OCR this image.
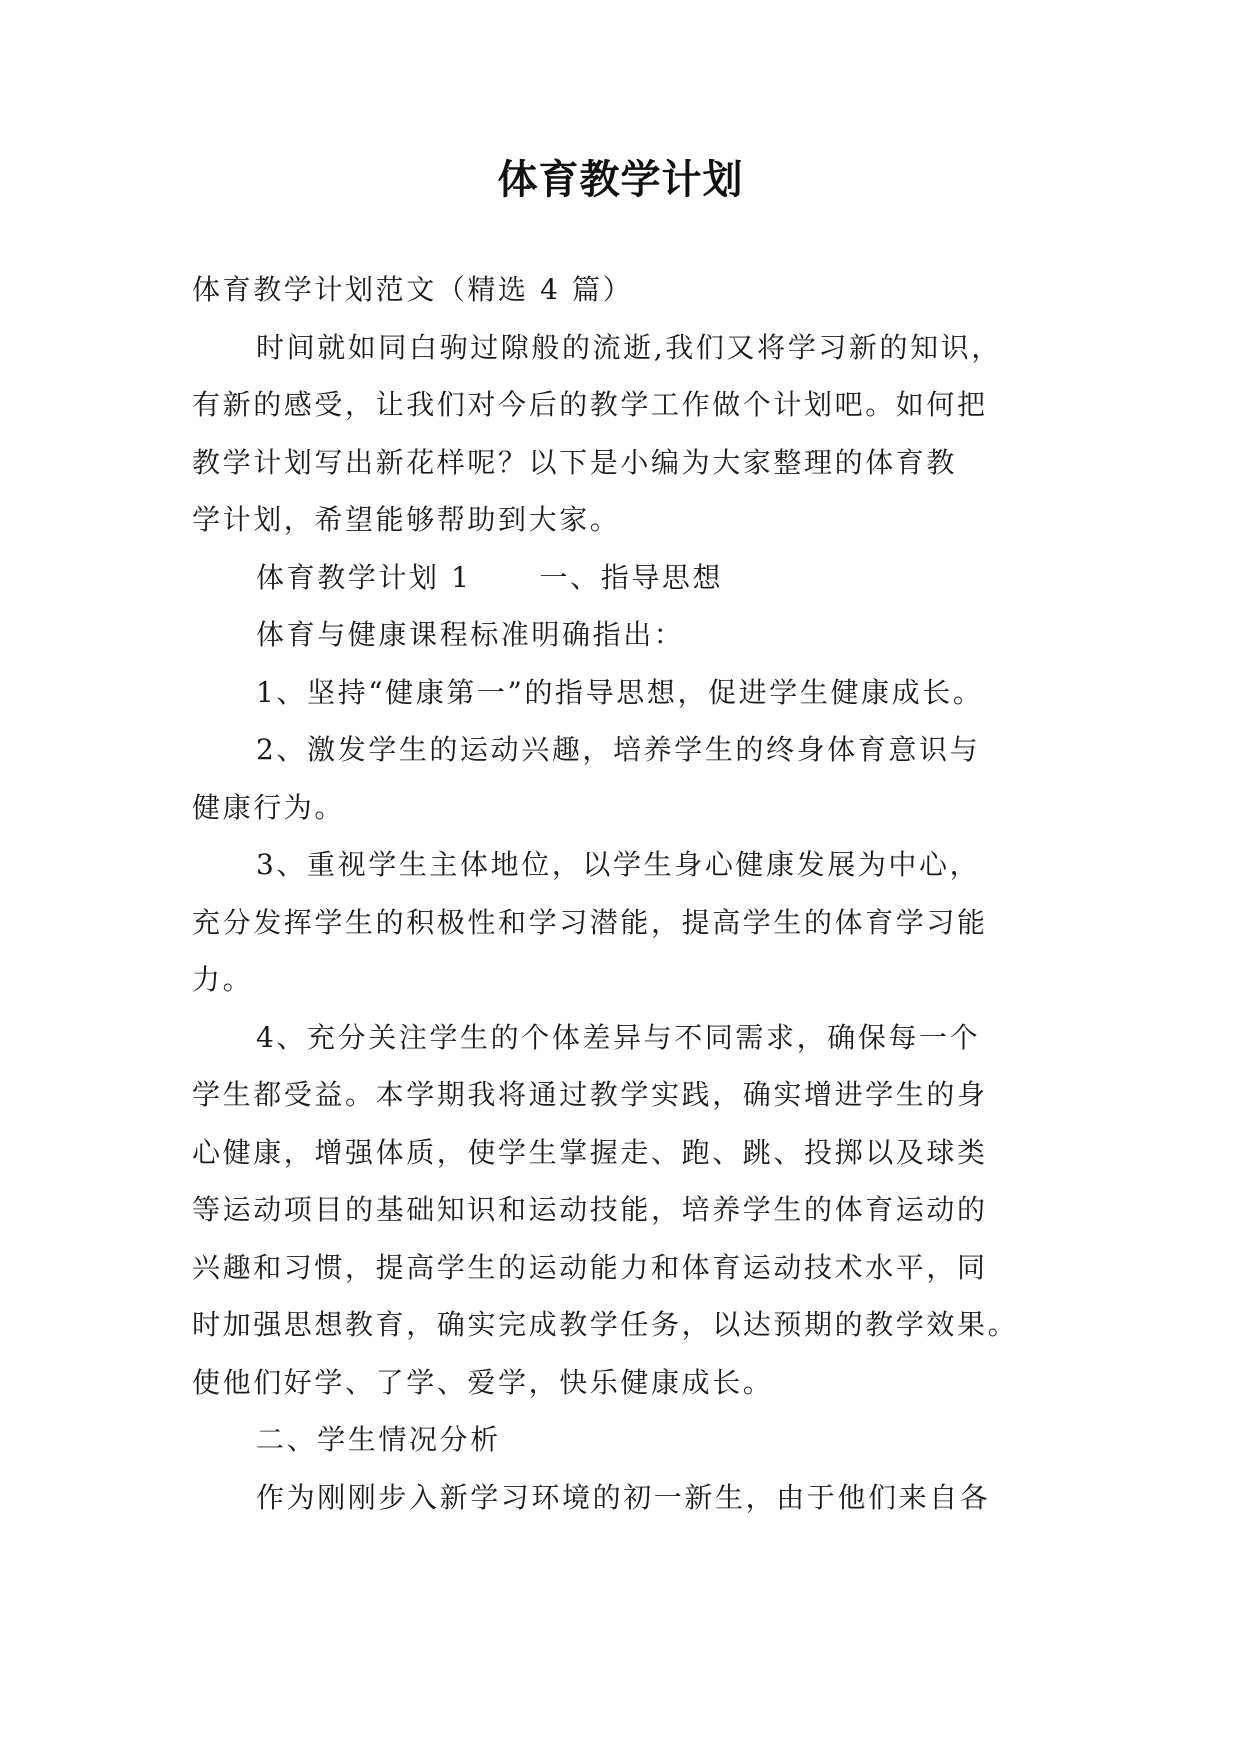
体育教学计划
体育教学计划范文（精选 4 篇）
时间就如同白驹过隙般的流逝,我们又将学习新的知识，
有新的感受，让我们对今后的教学工作做个计划吧。如何把
教学计划写出新花样呢？以下是小编为大家整理的体育教
学计划，希望能够帮助到大家。
体育教学计划 1 一、指导思想
体育与健康课程标准明确指出：
1、坚持“健康第一”的指导思想，促进学生健康成长。
2、激发学生的运动兴趣，培养学生的终身体育意识与
健康行为。
3、重视学生主体地位，以学生身心健康发展为中心，
充分发挥学生的积极性和学习潜能，提高学生的体育学习能
力。
4、充分关注学生的个体差异与不同需求，确保每一个
学生都受益。本学期我将通过教学实践，确实增进学生的身
心健康，增强体质，使学生掌握走、跑、跳、投掷以及球类
等运动项目的基础知识和运动技能，培养学生的体育运动的
兴趣和习惯，提高学生的运动能力和体育运动技术水平，同
时加强思想教育，确实完成教学任务，以达预期的教学效果。
使他们好学、了学、爱学，快乐健康成长。
二、学生情况分析
作为刚刚步入新学习环境的初一新生，由于他们来自各
